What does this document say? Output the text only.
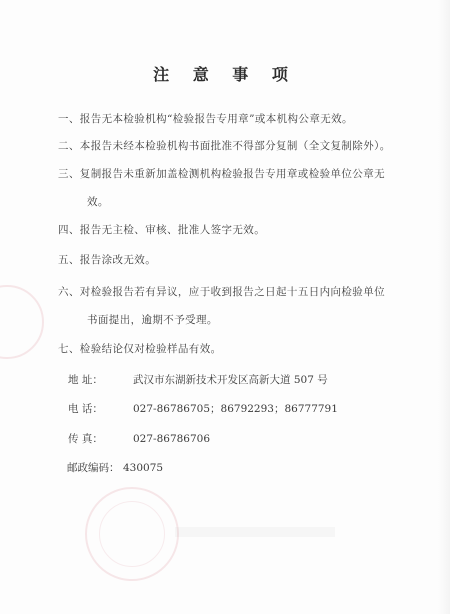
注 意 事 项
一、报告无本检验机构“检验报告专用章”或本机构公章无效。
二、本报告未经本检验机构书面批准不得部分复制（全文复制除外）。
三、复制报告未重新加盖检测机构检验报告专用章或检验单位公章无
效。
四、报告无主检、审核、批准人签字无效。
五、报告涂改无效。
六、对检验报告若有异议，应于收到报告之日起十五日内向检验单位
书面提出，逾期不予受理。
七、检验结论仅对检验样品有效。
地 址：	武汉市东湖新技术开发区高新大道 507 号
电 话：	027-86786705；86792293；86777791
传 真：	027-86786706
邮政编码： 430075
